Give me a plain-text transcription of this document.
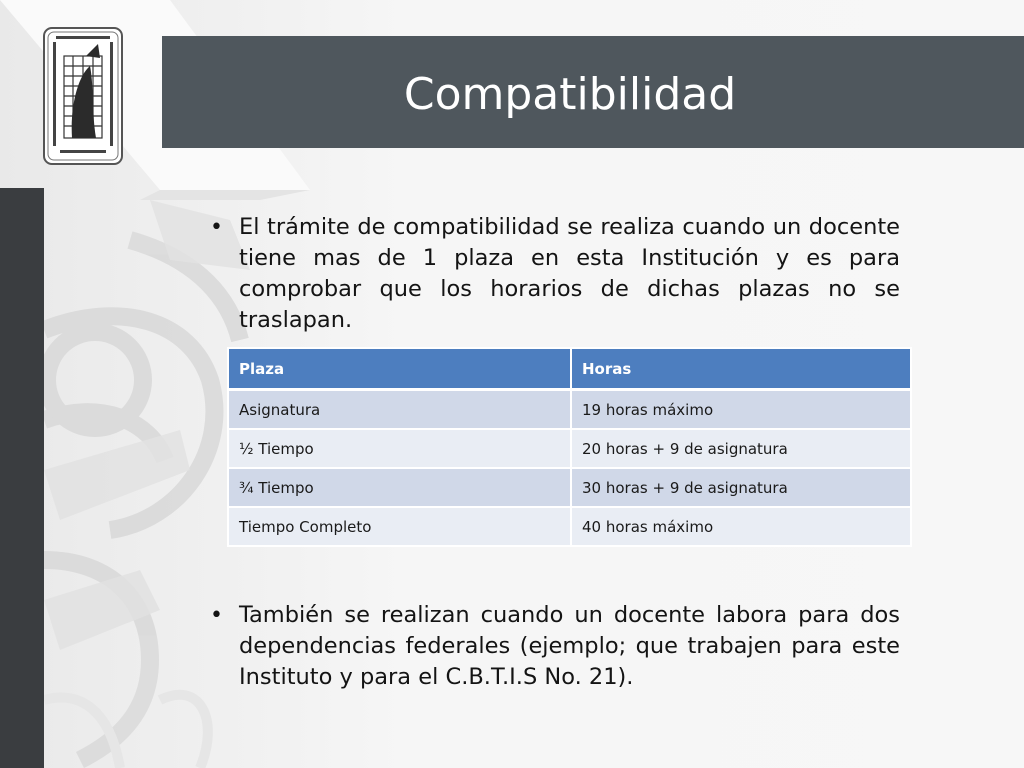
Compatibilidad
• El trámite de compatibilidad se realiza cuando un docente tiene mas de 1 plaza en esta Institución y es para comprobar que los horarios de dichas plazas no se traslapan.
Plaza	Horas
Asignatura	19 horas máximo
½ Tiempo	20 horas + 9 de asignatura
¾ Tiempo	30 horas + 9 de asignatura
Tiempo Completo	40 horas máximo
• También se realizan cuando un docente labora para dos dependencias federales (ejemplo; que trabajen para este Instituto y para el C.B.T.I.S No. 21).
